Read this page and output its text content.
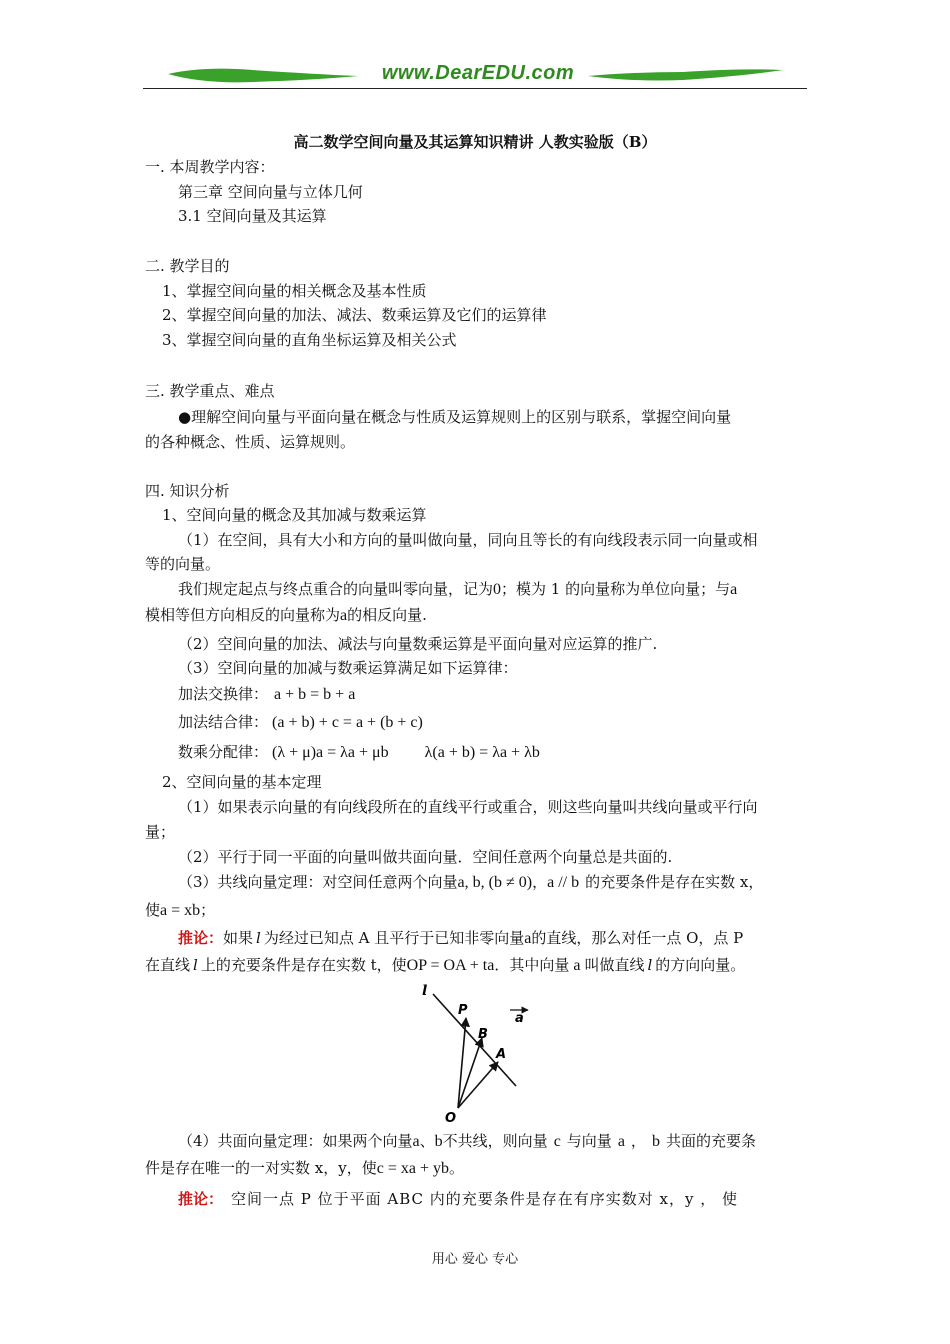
www.DearEDU.com
高二数学空间向量及其运算知识精讲 人教实验版（B）
一. 本周教学内容：
第三章 空间向量与立体几何
3.1 空间向量及其运算
二. 教学目的
1、掌握空间向量的相关概念及基本性质
2、掌握空间向量的加法、减法、数乘运算及它们的运算律
3、掌握空间向量的直角坐标运算及相关公式
三. 教学重点、难点
●理解空间向量与平面向量在概念与性质及运算规则上的区别与联系，掌握空间向量
的各种概念、性质、运算规则。
四. 知识分析
1、空间向量的概念及其加减与数乘运算
（1）在空间，具有大小和方向的量叫做向量，同向且等长的有向线段表示同一向量或相
等的向量。
我们规定起点与终点重合的向量叫零向量，记为0；模为 1 的向量称为单位向量；与a
模相等但方向相反的向量称为a的相反向量.
（2）空间向量的加法、减法与向量数乘运算是平面向量对应运算的推广.
（3）空间向量的加减与数乘运算满足如下运算律：
加法交换律： a + b = b + a
加法结合律： (a + b) + c = a + (b + c)
数乘分配律： (λ + μ)a = λa + μb λ(a + b) = λa + λb
2、空间向量的基本定理
（1）如果表示向量的有向线段所在的直线平行或重合，则这些向量叫共线向量或平行向
量；
（2）平行于同一平面的向量叫做共面向量．空间任意两个向量总是共面的.
（3）共线向量定理：对空间任意两个向量a, b, (b ≠ 0)，a // b 的充要条件是存在实数 x，
使a = xb；
推论：如果 l 为经过已知点 A 且平行于已知非零向量a的直线，那么对任一点 O，点 P
在直线 l 上的充要条件是存在实数 t，使OP = OA + ta．其中向量 a 叫做直线 l 的方向向量。
l
P
B
A
O
a
（4）共面向量定理：如果两个向量a、b不共线，则向量 c 与向量 a ， b 共面的充要条
件是存在唯一的一对实数 x，y，使c = xa + yb。
推论： 空间一点 P 位于平面 ABC 内的充要条件是存在有序实数对 x，y ， 使
用心 爱心 专心
